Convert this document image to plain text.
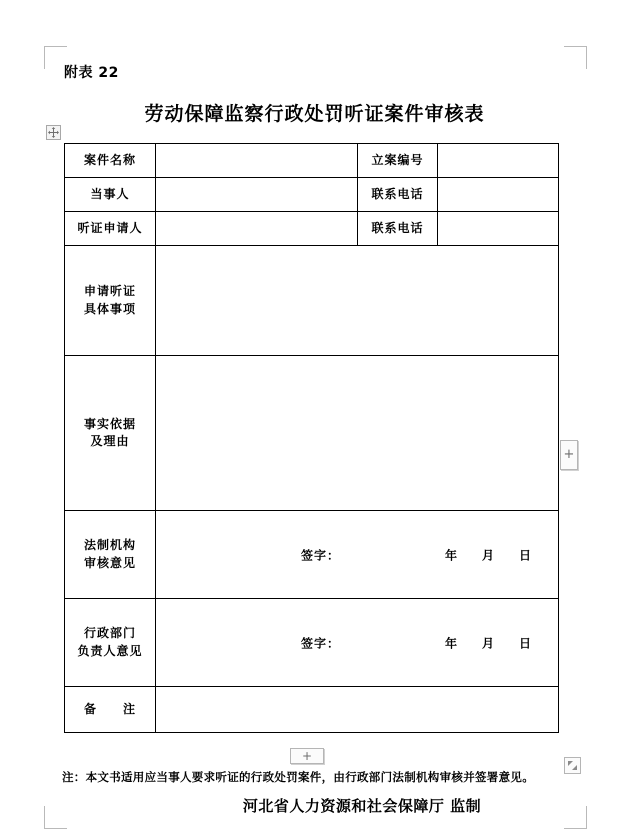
附表 22
劳动保障监察行政处罚听证案件审核表
案件名称		立案编号	
当事人		联系电话	
听证申请人		联系电话	

申请听证
具体事项			

事实依据
及理由			

法制机构
审核意见

签字：	年 月 日

行政部门
负责人意见

签字：	年 月 日

备　　注			
+
+
注：本文书适用应当事人要求听证的行政处罚案件，由行政部门法制机构审核并签署意见。
河北省人力资源和社会保障厅 监制
